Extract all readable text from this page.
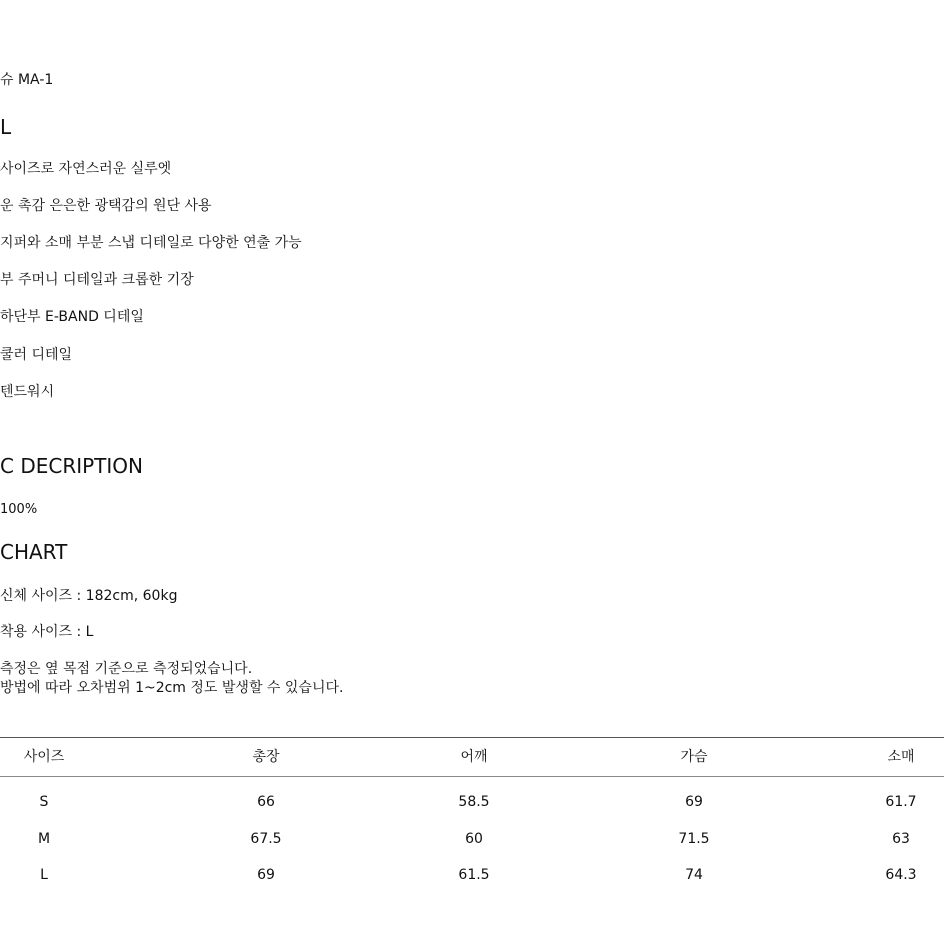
슈 MA-1
L
사이즈로 자연스러운 실루엣
운 촉감 은은한 광택감의 원단 사용
지퍼와 소매 부분 스냅 디테일로 다양한 연출 가능
부 주머니 디테일과 크롭한 기장
하단부 E-BAND 디테일
쿨러 디테일
텐드워시
C DECRIPTION
100%
CHART
신체 사이즈 : 182cm, 60kg
착용 사이즈 : L
측정은 옆 목점 기준으로 측정되었습니다.
방법에 따라 오차범위 1~2cm 정도 발생할 수 있습니다.
사이즈	총장	어깨	가슴	소매
S	66	58.5	69	61.7
M	67.5	60	71.5	63
L	69	61.5	74	64.3
